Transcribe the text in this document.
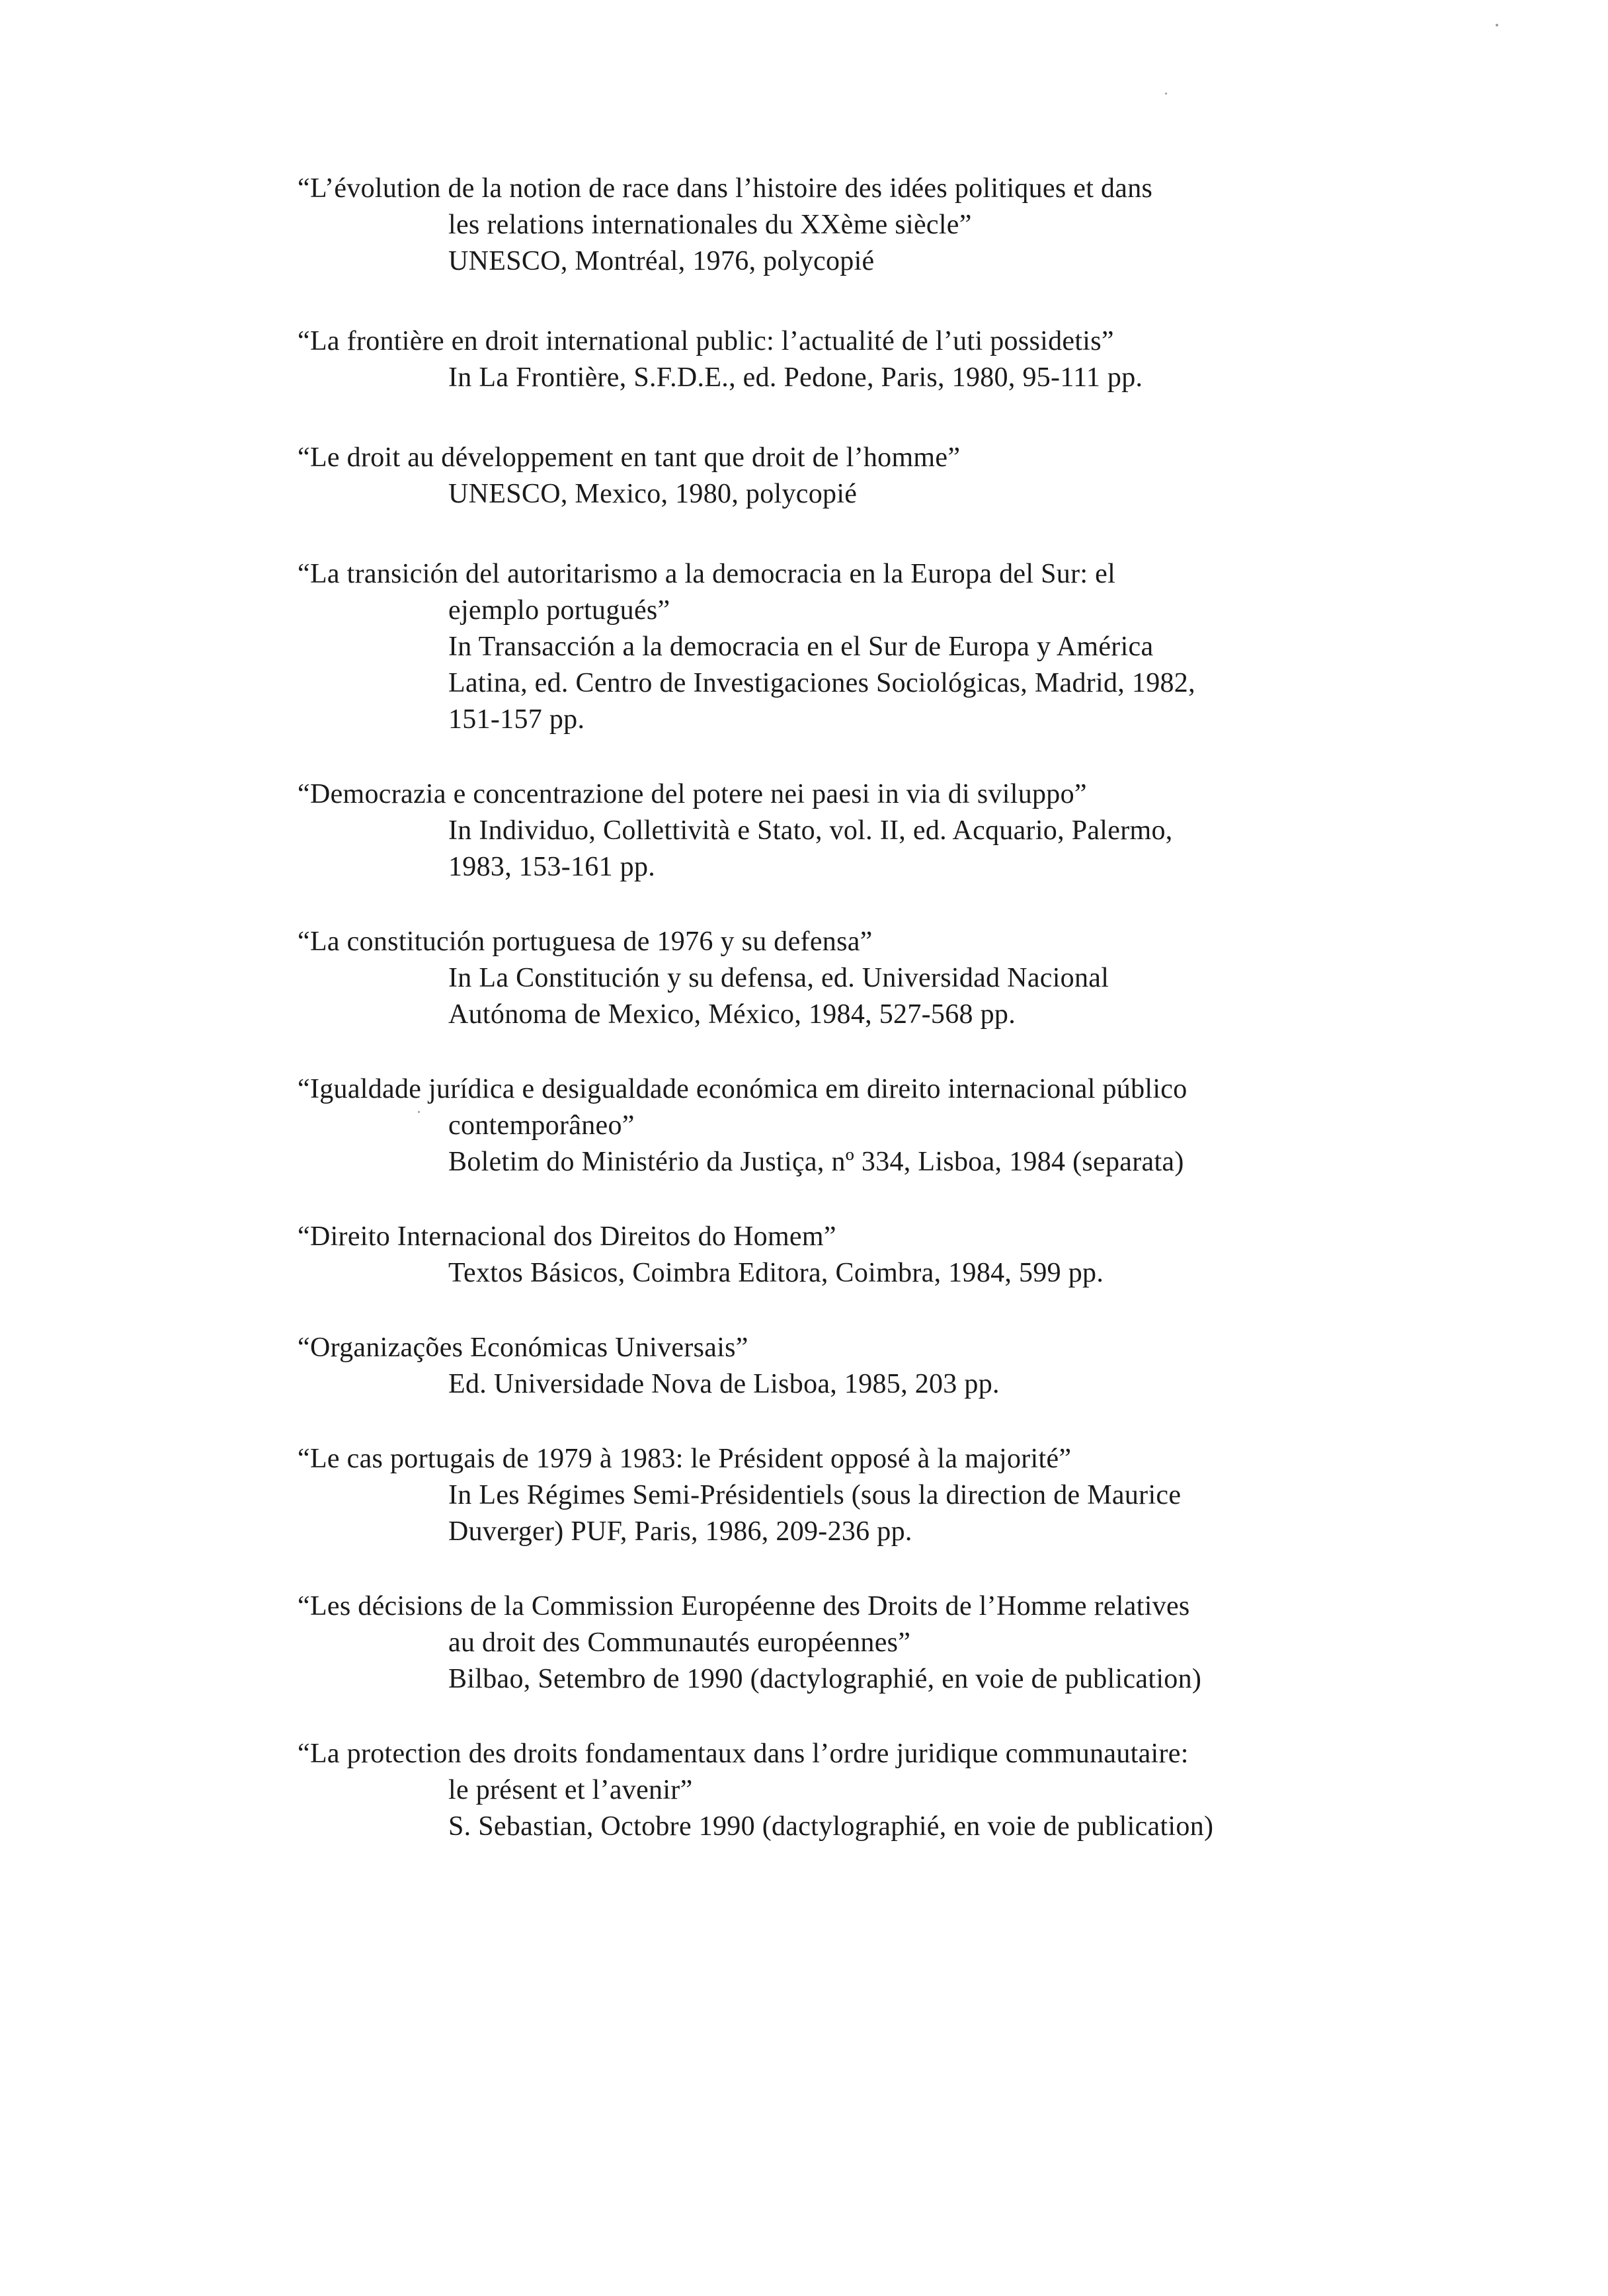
“L’évolution de la notion de race dans l’histoire des idées politiques et dans
les relations internationales du XXème siècle”
UNESCO, Montréal, 1976, polycopié
“La frontière en droit international public: l’actualité de l’uti possidetis”
In La Frontière, S.F.D.E., ed. Pedone, Paris, 1980, 95-111 pp.
“Le droit au développement en tant que droit de l’homme”
UNESCO, Mexico, 1980, polycopié
“La transición del autoritarismo a la democracia en la Europa del Sur: el
ejemplo portugués”
In Transacción a la democracia en el Sur de Europa y América
Latina, ed. Centro de Investigaciones Sociológicas, Madrid, 1982,
151-157 pp.
“Democrazia e concentrazione del potere nei paesi in via di sviluppo”
In Individuo, Collettività e Stato, vol. II, ed. Acquario, Palermo,
1983, 153-161 pp.
“La constitución portuguesa de 1976 y su defensa”
In La Constitución y su defensa, ed. Universidad Nacional
Autónoma de Mexico, México, 1984, 527-568 pp.
“Igualdade jurídica e desigualdade económica em direito internacional público
contemporâneo”
Boletim do Ministério da Justiça, nº 334, Lisboa, 1984 (separata)
“Direito Internacional dos Direitos do Homem”
Textos Básicos, Coimbra Editora, Coimbra, 1984, 599 pp.
“Organizações Económicas Universais”
Ed. Universidade Nova de Lisboa, 1985, 203 pp.
“Le cas portugais de 1979 à 1983: le Président opposé à la majorité”
In Les Régimes Semi-Présidentiels (sous la direction de Maurice
Duverger) PUF, Paris, 1986, 209-236 pp.
“Les décisions de la Commission Européenne des Droits de l’Homme relatives
au droit des Communautés européennes”
Bilbao, Setembro de 1990 (dactylographié, en voie de publication)
“La protection des droits fondamentaux dans l’ordre juridique communautaire:
le présent et l’avenir”
S. Sebastian, Octobre 1990 (dactylographié, en voie de publication)
